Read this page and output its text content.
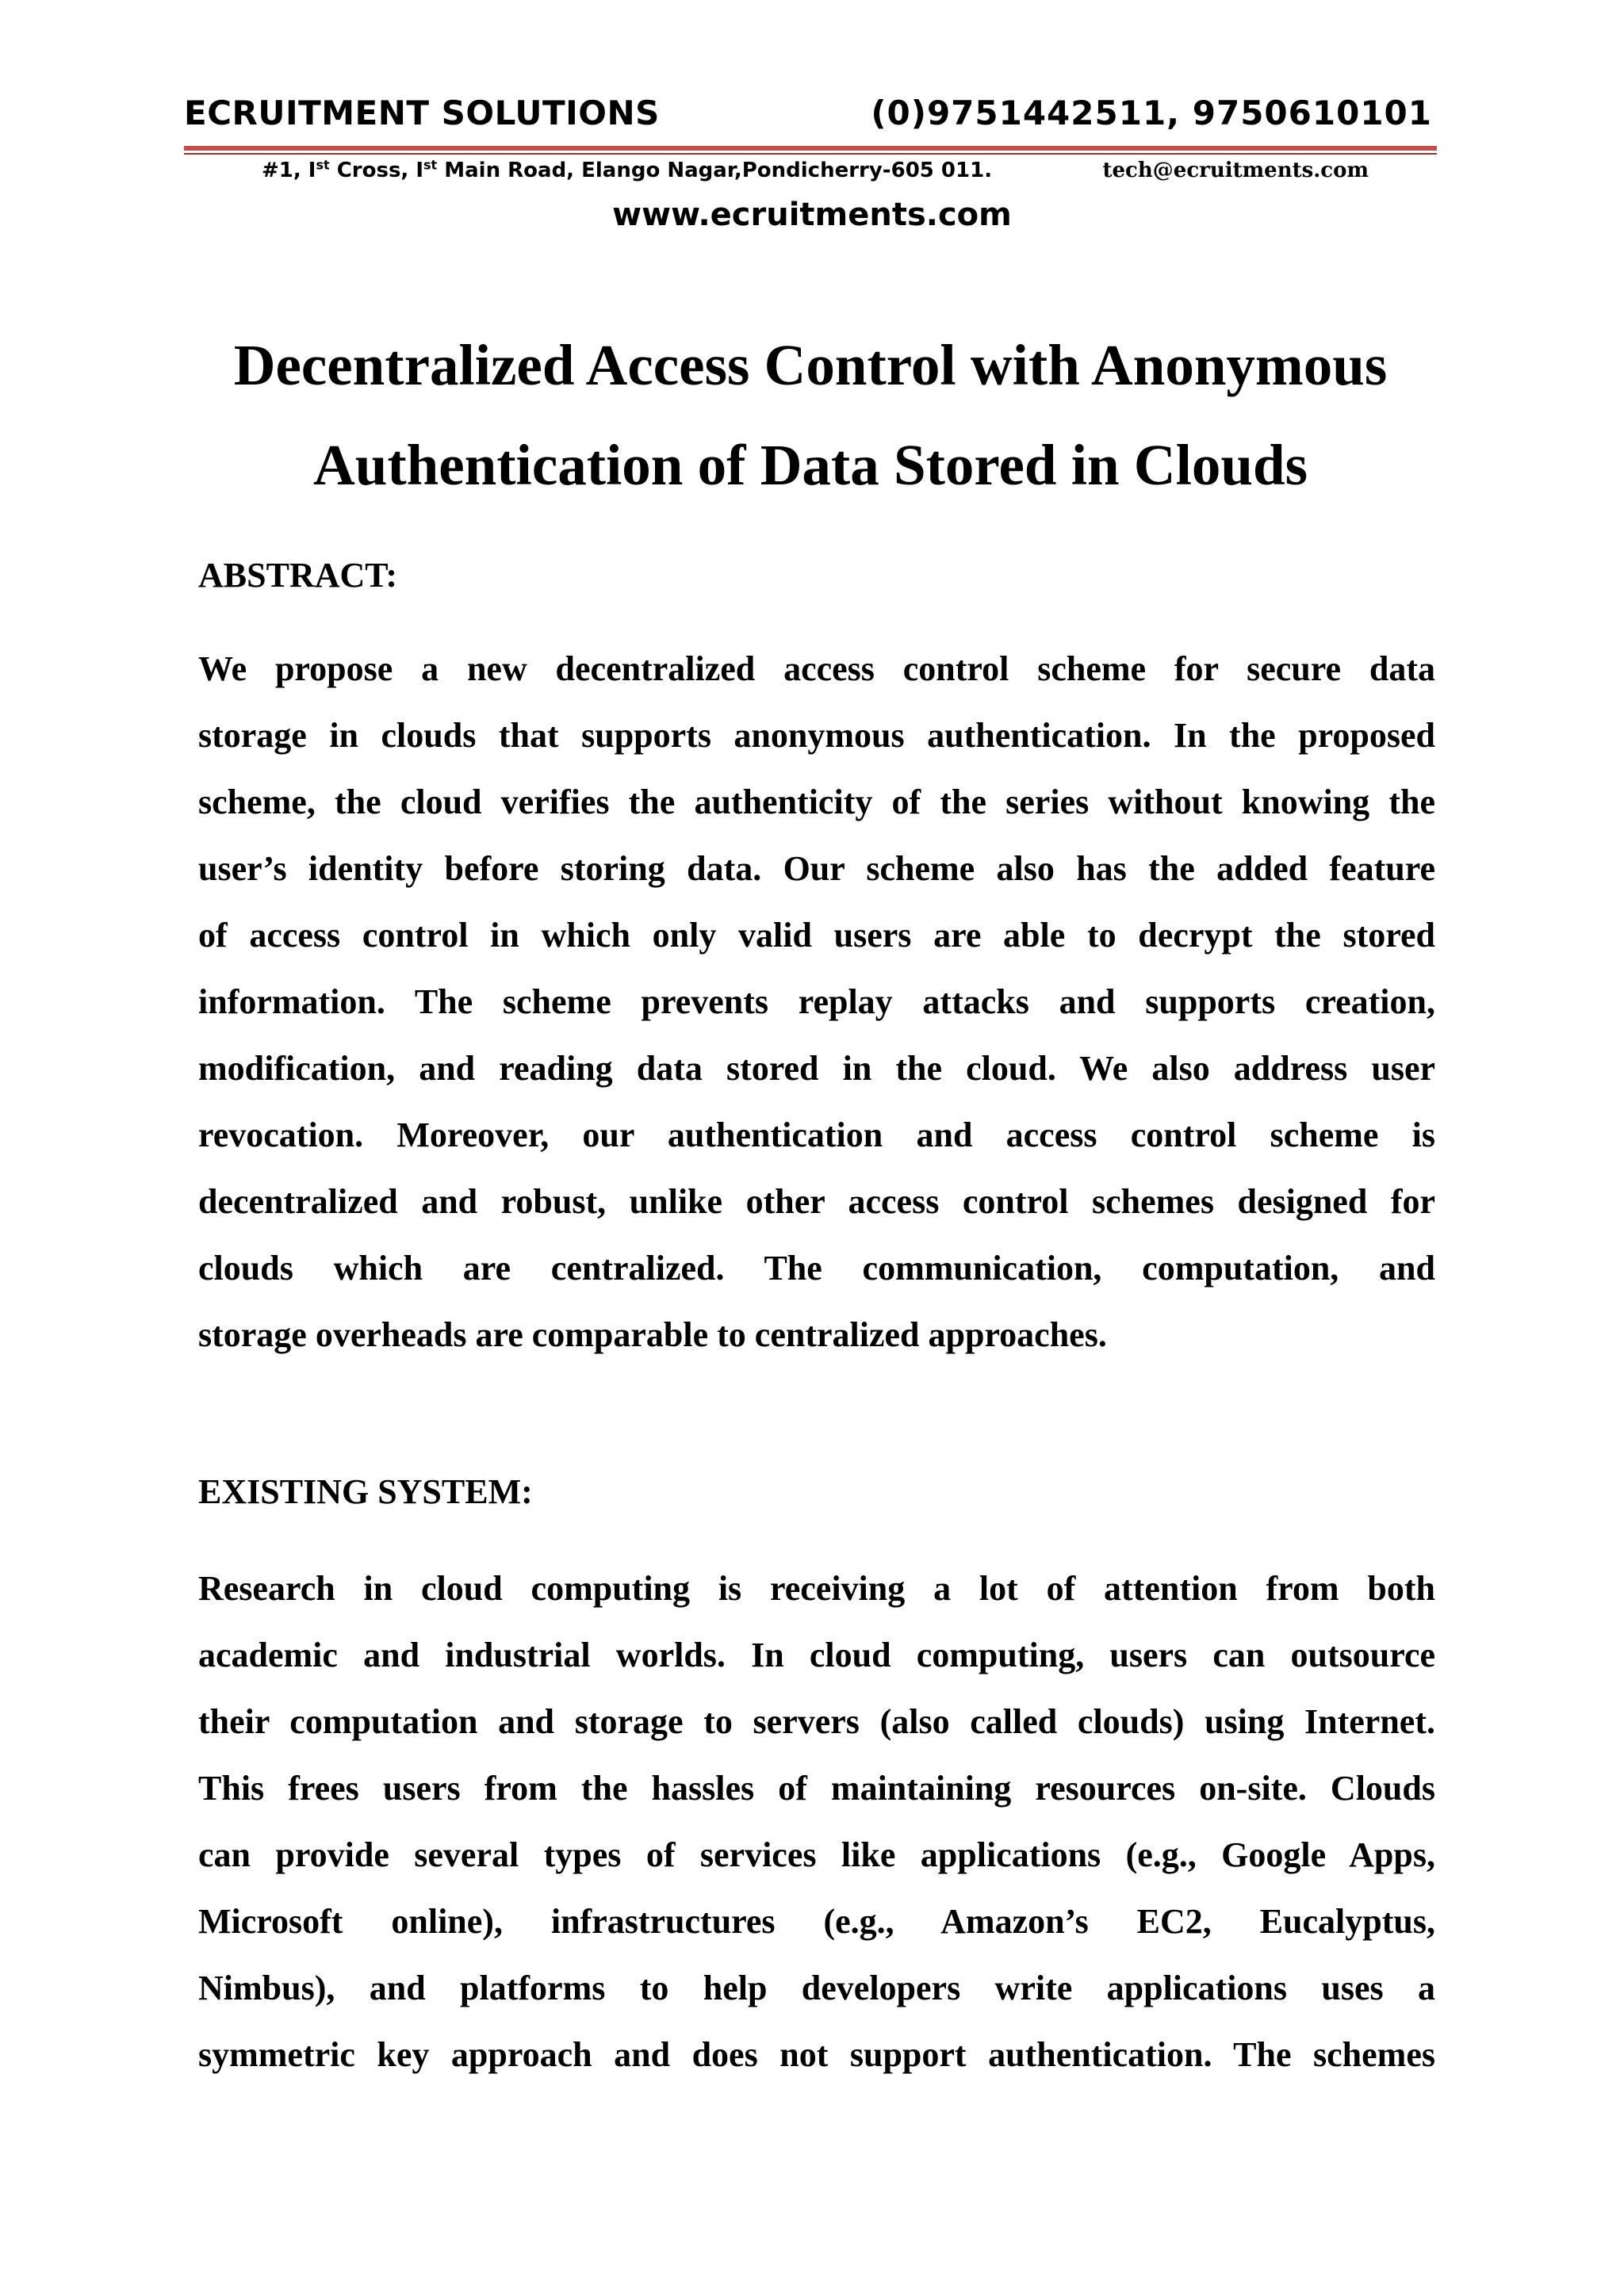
ECRUITMENT SOLUTIONS	(0)9751442511, 9750610101
#1, Ist Cross, Ist Main Road, Elango Nagar,Pondicherry-605 011.	tech@ecruitments.com
www.ecruitments.com
Decentralized Access Control with Anonymous
Authentication of Data Stored in Clouds
ABSTRACT:
We propose a new decentralized access control scheme for secure data
storage in clouds that supports anonymous authentication. In the proposed
scheme, the cloud verifies the authenticity of the series without knowing the
user’s identity before storing data. Our scheme also has the added feature
of access control in which only valid users are able to decrypt the stored
information. The scheme prevents replay attacks and supports creation,
modification, and reading data stored in the cloud. We also address user
revocation. Moreover, our authentication and access control scheme is
decentralized and robust, unlike other access control schemes designed for
clouds which are centralized. The communication, computation, and
storage overheads are comparable to centralized approaches.
EXISTING SYSTEM:
Research in cloud computing is receiving a lot of attention from both
academic and industrial worlds. In cloud computing, users can outsource
their computation and storage to servers (also called clouds) using Internet.
This frees users from the hassles of maintaining resources on-site. Clouds
can provide several types of services like applications (e.g., Google Apps,
Microsoft online), infrastructures (e.g., Amazon’s EC2, Eucalyptus,
Nimbus), and platforms to help developers write applications uses a
symmetric key approach and does not support authentication. The schemes
